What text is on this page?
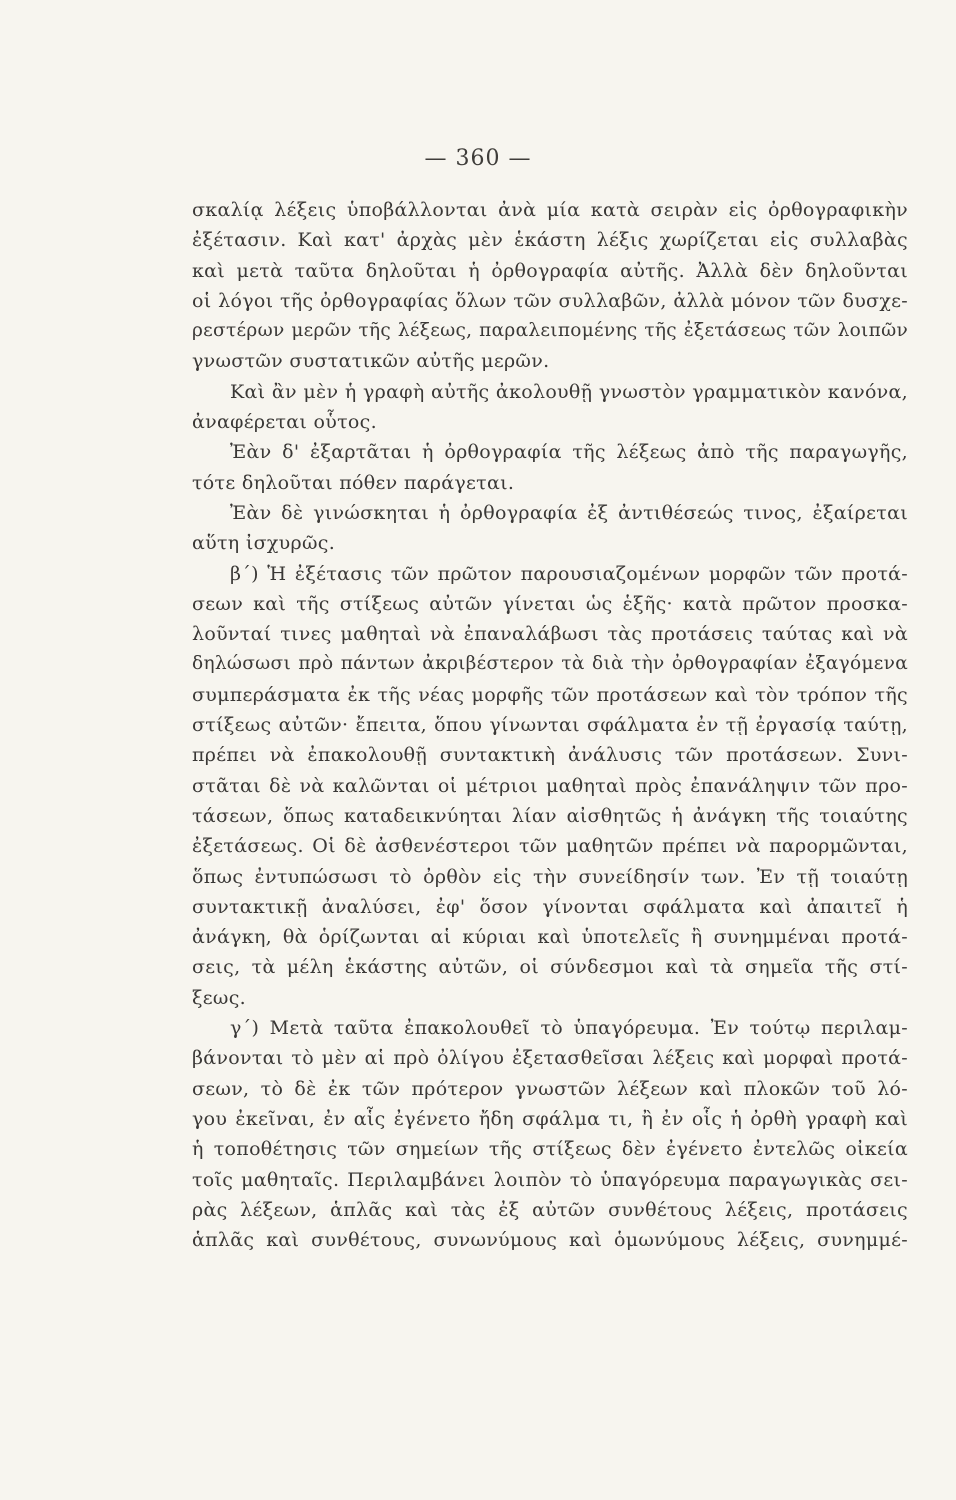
— 360 —
σκαλίᾳ λέξεις ὑποβάλλονται ἀνὰ μία κατὰ σειρὰν εἰς ὀρθογραφικὴν
ἐξέτασιν. Καὶ κατ' ἀρχὰς μὲν ἑκάστη λέξις χωρίζεται εἰς συλλαβὰς
καὶ μετὰ ταῦτα δηλοῦται ἡ ὀρθογραφία αὐτῆς. Ἀλλὰ δὲν δηλοῦνται
οἱ λόγοι τῆς ὀρθογραφίας ὅλων τῶν συλλαβῶν, ἀλλὰ μόνον τῶν δυσχε-
ρεστέρων μερῶν τῆς λέξεως, παραλειπομένης τῆς ἐξετάσεως τῶν λοιπῶν
γνωστῶν συστατικῶν αὐτῆς μερῶν.
Καὶ ἂν μὲν ἡ γραφὴ αὐτῆς ἀκολουθῇ γνωστὸν γραμματικὸν κανόνα,
ἀναφέρεται οὗτος.
Ἐὰν δ' ἐξαρτᾶται ἡ ὀρθογραφία τῆς λέξεως ἀπὸ τῆς παραγωγῆς,
τότε δηλοῦται πόθεν παράγεται.
Ἐὰν δὲ γινώσκηται ἡ ὀρθογραφία ἐξ ἀντιθέσεώς τινος, ἐξαίρεται
αὕτη ἰσχυρῶς.
β΄) Ἡ ἐξέτασις τῶν πρῶτον παρουσιαζομένων μορφῶν τῶν προτά-
σεων καὶ τῆς στίξεως αὐτῶν γίνεται ὡς ἑξῆς· κατὰ πρῶτον προσκα-
λοῦνταί τινες μαθηταὶ νὰ ἐπαναλάβωσι τὰς προτάσεις ταύτας καὶ νὰ
δηλώσωσι πρὸ πάντων ἀκριβέστερον τὰ διὰ τὴν ὀρθογραφίαν ἐξαγόμενα
συμπεράσματα ἐκ τῆς νέας μορφῆς τῶν προτάσεων καὶ τὸν τρόπον τῆς
στίξεως αὐτῶν· ἔπειτα, ὅπου γίνωνται σφάλματα ἐν τῇ ἐργασίᾳ ταύτῃ,
πρέπει νὰ ἐπακολουθῇ συντακτικὴ ἀνάλυσις τῶν προτάσεων. Συνι-
στᾶται δὲ νὰ καλῶνται οἱ μέτριοι μαθηταὶ πρὸς ἐπανάληψιν τῶν προ-
τάσεων, ὅπως καταδεικνύηται λίαν αἰσθητῶς ἡ ἀνάγκη τῆς τοιαύτης
ἐξετάσεως. Οἱ δὲ ἀσθενέστεροι τῶν μαθητῶν πρέπει νὰ παρορμῶνται,
ὅπως ἐντυπώσωσι τὸ ὀρθὸν εἰς τὴν συνείδησίν των. Ἐν τῇ τοιαύτῃ
συντακτικῇ ἀναλύσει, ἐφ' ὅσον γίνονται σφάλματα καὶ ἀπαιτεῖ ἡ
ἀνάγκη, θὰ ὁρίζωνται αἱ κύριαι καὶ ὑποτελεῖς ἢ συνημμέναι προτά-
σεις, τὰ μέλη ἑκάστης αὐτῶν, οἱ σύνδεσμοι καὶ τὰ σημεῖα τῆς στί-
ξεως.
γ΄) Μετὰ ταῦτα ἐπακολουθεῖ τὸ ὑπαγόρευμα. Ἐν τούτῳ περιλαμ-
βάνονται τὸ μὲν αἱ πρὸ ὀλίγου ἐξετασθεῖσαι λέξεις καὶ μορφαὶ προτά-
σεων, τὸ δὲ ἐκ τῶν πρότερον γνωστῶν λέξεων καὶ πλοκῶν τοῦ λό-
γου ἐκεῖναι, ἐν αἷς ἐγένετο ἤδη σφάλμα τι, ἢ ἐν οἷς ἡ ὀρθὴ γραφὴ καὶ
ἡ τοποθέτησις τῶν σημείων τῆς στίξεως δὲν ἐγένετο ἐντελῶς οἰκεία
τοῖς μαθηταῖς. Περιλαμβάνει λοιπὸν τὸ ὑπαγόρευμα παραγωγικὰς σει-
ρὰς λέξεων, ἁπλᾶς καὶ τὰς ἐξ αὐτῶν συνθέτους λέξεις, προτάσεις
ἁπλᾶς καὶ συνθέτους, συνωνύμους καὶ ὁμωνύμους λέξεις, συνημμέ-
